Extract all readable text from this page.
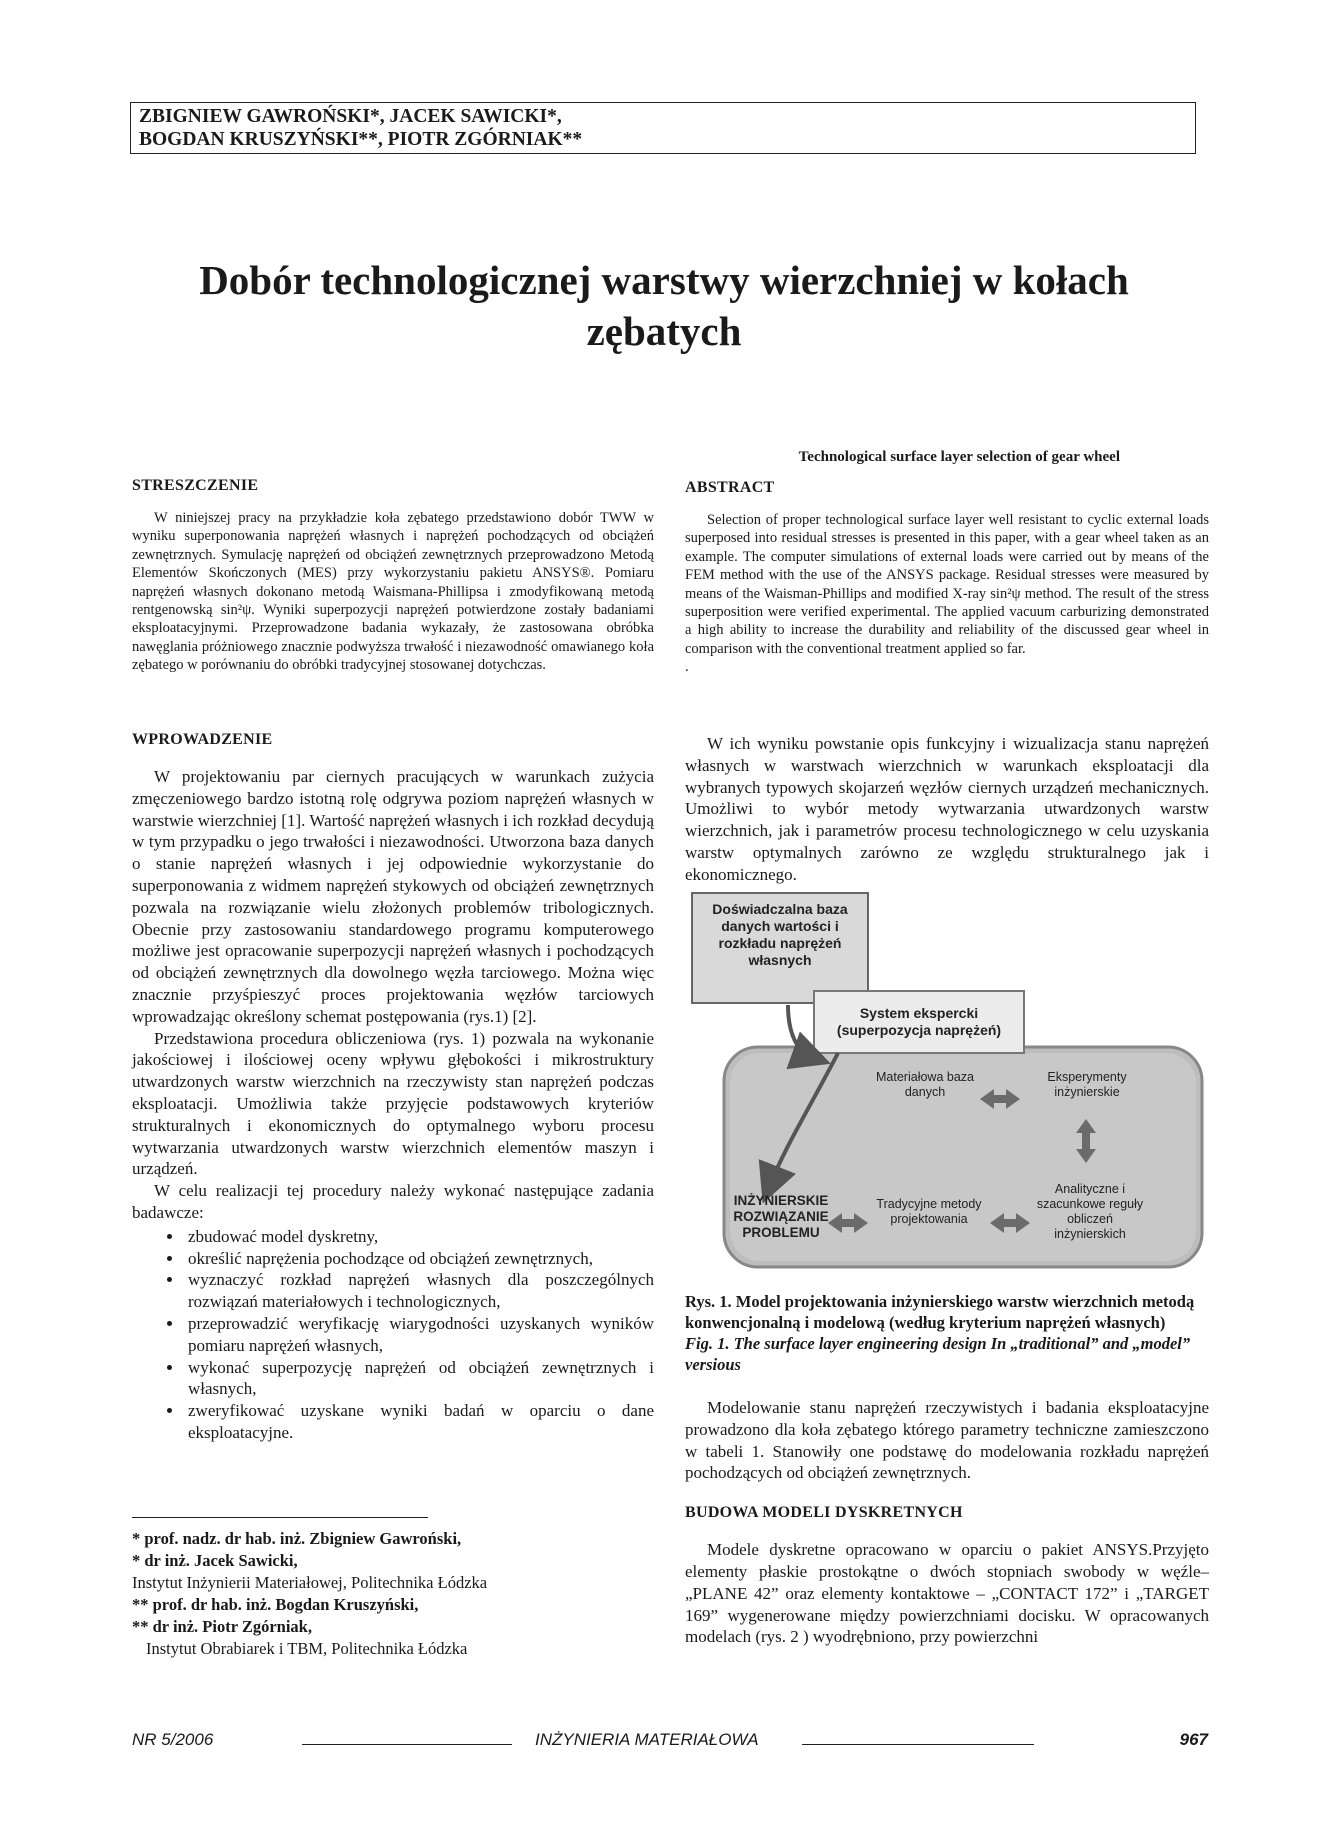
ZBIGNIEW GAWROŃSKI*, JACEK SAWICKI*,
BOGDAN KRUSZYŃSKI**, PIOTR ZGÓRNIAK**
Dobór technologicznej warstwy wierzchniej w kołach zębatych
Technological surface layer selection of gear wheel
STRESZCZENIE

W niniejszej pracy na przykładzie koła zębatego przedstawiono dobór TWW w wyniku superponowania naprężeń własnych i naprężeń pochodzących od obciążeń zewnętrznych. Symulację naprężeń od obciążeń zewnętrznych przeprowadzono Metodą Elementów Skończonych (MES) przy wykorzystaniu pakietu ANSYS®. Pomiaru naprężeń własnych dokonano metodą Waismana-Phillipsa i zmodyfikowaną metodą rentgenowską sin²ψ. Wyniki superpozycji naprężeń potwierdzone zostały badaniami eksploatacyjnymi. Przeprowadzone badania wykazały, że zastosowana obróbka nawęglania próżniowego znacznie podwyższa trwałość i niezawodność omawianego koła zębatego w porównaniu do obróbki tradycyjnej stosowanej dotychczas.

ABSTRACT

Selection of proper technological surface layer well resistant to cyclic external loads superposed into residual stresses is presented in this paper, with a gear wheel taken as an example. The computer simulations of external loads were carried out by means of the FEM method with the use of the ANSYS package. Residual stresses were measured by means of the Waisman-Phillips and modified X-ray sin²ψ method. The result of the stress superposition were verified experimental. The applied vacuum carburizing demonstrated a high ability to increase the durability and reliability of the discussed gear wheel in comparison with the conventional treatment applied so far.

.
WPROWADZENIE

W projektowaniu par ciernych pracujących w warunkach zużycia zmęczeniowego bardzo istotną rolę odgrywa poziom naprężeń własnych w warstwie wierzchniej [1]. Wartość naprężeń własnych i ich rozkład decydują w tym przypadku o jego trwałości i niezawodności. Utworzona baza danych o stanie naprężeń własnych i jej odpowiednie wykorzystanie do superponowania z widmem naprężeń stykowych od obciążeń zewnętrznych pozwala na rozwiązanie wielu złożonych problemów tribologicznych. Obecnie przy zastosowaniu standardowego programu komputerowego możliwe jest opracowanie superpozycji naprężeń własnych i pochodzących od obciążeń zewnętrznych dla dowolnego węzła tarciowego. Można więc znacznie przyśpieszyć proces projektowania węzłów tarciowych wprowadzając określony schemat postępowania (rys.1) [2].

Przedstawiona procedura obliczeniowa (rys. 1) pozwala na wykonanie jakościowej i ilościowej oceny wpływu głębokości i mikrostruktury utwardzonych warstw wierzchnich na rzeczywisty stan naprężeń podczas eksploatacji. Umożliwia także przyjęcie podstawowych kryteriów strukturalnych i ekonomicznych do optymalnego wyboru procesu wytwarzania utwardzonych warstw wierzchnich elementów maszyn i urządzeń.

W celu realizacji tej procedury należy wykonać następujące zadania badawcze:

• zbudować model dyskretny,
• określić naprężenia pochodzące od obciążeń zewnętrznych,
• wyznaczyć rozkład naprężeń własnych dla poszczególnych rozwiązań materiałowych i technologicznych,
• przeprowadzić weryfikację wiarygodności uzyskanych wyników pomiaru naprężeń własnych,
• wykonać superpozycję naprężeń od obciążeń zewnętrznych i własnych,
• zweryfikować uzyskane wyniki badań w oparciu o dane eksploatacyjne.

W ich wyniku powstanie opis funkcyjny i wizualizacja stanu naprężeń własnych w warstwach wierzchnich w warunkach eksploatacji dla wybranych typowych skojarzeń węzłów ciernych urządzeń mechanicznych. Umożliwi to wybór metody wytwarzania utwardzonych warstw wierzchnich, jak i parametrów procesu technologicznego w celu uzyskania warstw optymalnych zarówno ze względu strukturalnego jak i ekonomicznego.

Doświadczalna baza danych wartości i rozkładu naprężeń własnych
System ekspercki (superpozycja naprężeń)
Materiałowa baza danych
Eksperymenty inżynierskie
INŻYNIERSKIE ROZWIĄZANIE PROBLEMU
Tradycyjne metody projektowania
Analityczne i szacunkowe reguły obliczeń inżynierskich
Rys. 1. Model projektowania inżynierskiego warstw wierzchnich metodą konwencjonalną i modelową (według kryterium naprężeń własnych)
Fig. 1. The surface layer engineering design In „traditional” and „model” versious

Modelowanie stanu naprężeń rzeczywistych i badania eksploatacyjne prowadzono dla koła zębatego którego parametry techniczne zamieszczono w tabeli 1. Stanowiły one podstawę do modelowania rozkładu naprężeń pochodzących od obciążeń zewnętrznych.

BUDOWA MODELI DYSKRETNYCH

Modele dyskretne opracowano w oparciu o pakiet ANSYS.Przyjęto elementy płaskie prostokątne o dwóch stopniach swobody w węźle– „PLANE 42” oraz elementy kontaktowe – „CONTACT 172” i „TARGET 169” wygenerowane między powierzchniami docisku. W opracowanych modelach (rys. 2 ) wyodrębniono, przy powierzchni

* prof. nadz. dr hab. inż. Zbigniew Gawroński,
* dr inż. Jacek Sawicki,
Instytut Inżynierii Materiałowej, Politechnika Łódzka
** prof. dr hab. inż. Bogdan Kruszyński,
** dr inż. Piotr Zgórniak,
Instytut Obrabiarek i TBM, Politechnika Łódzka
NR 5/2006	INŻYNIERIA MATERIAŁOWA	967
